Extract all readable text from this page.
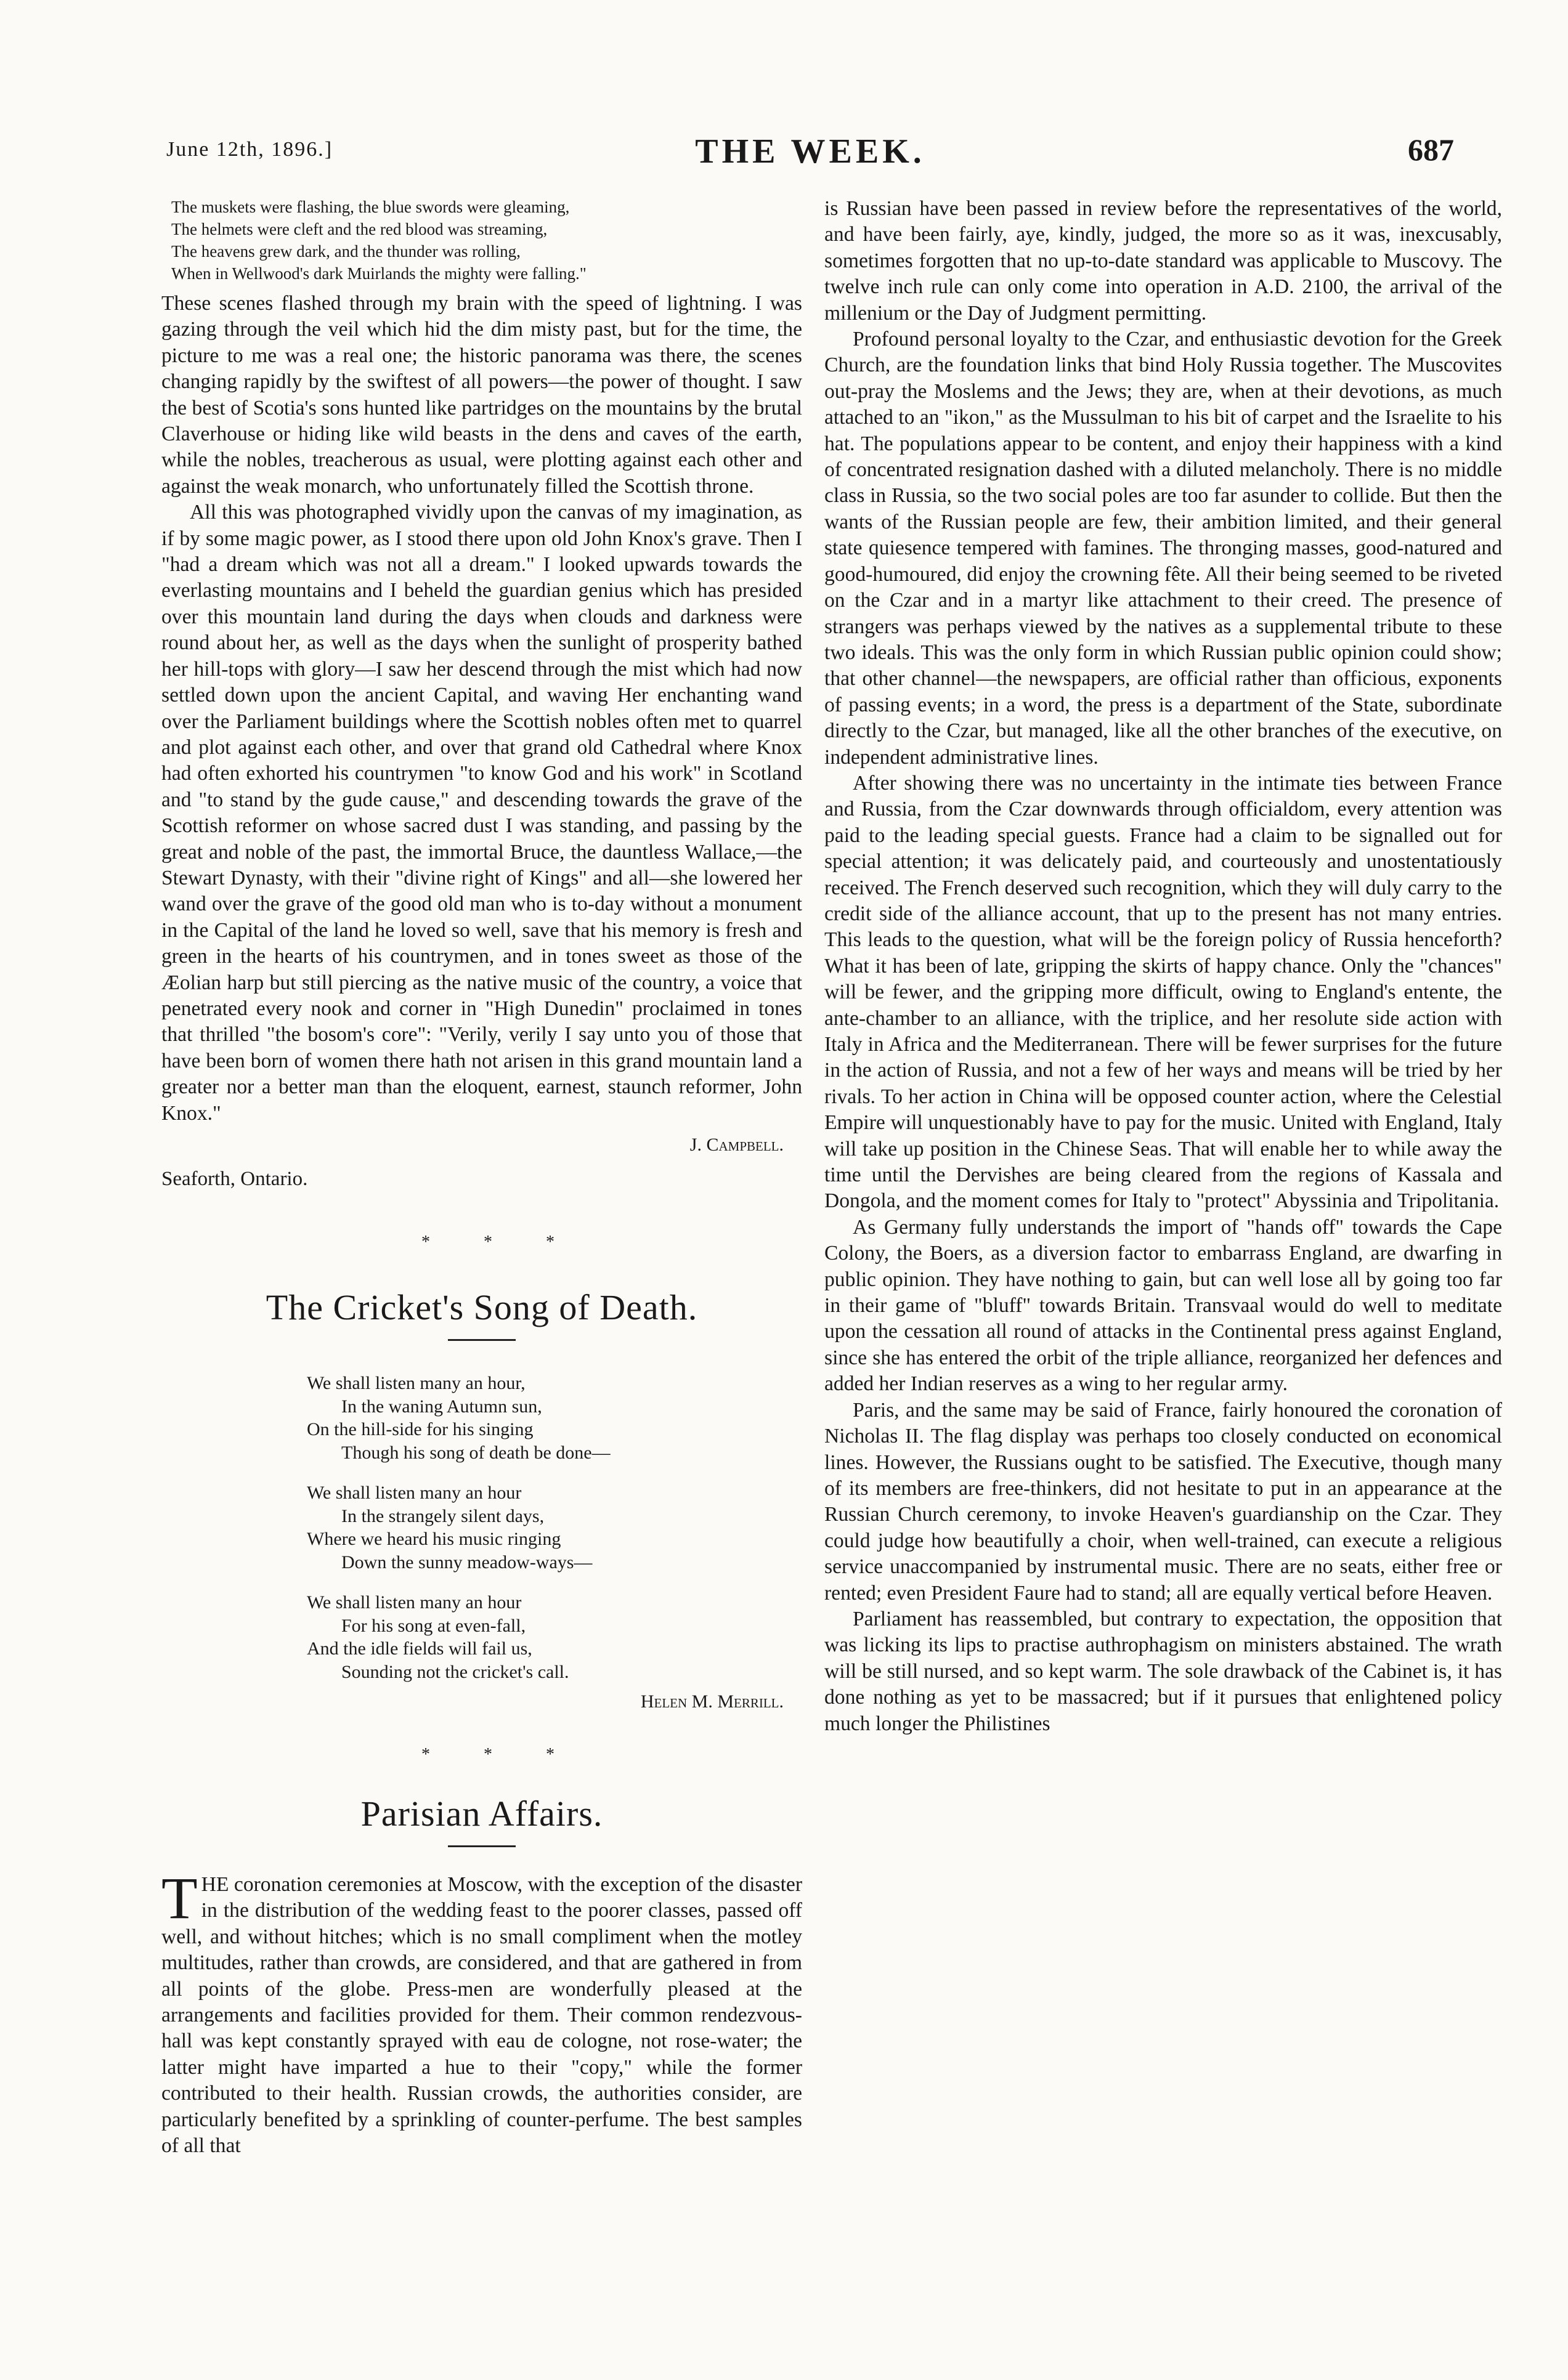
June 12th, 1896.]	THE WEEK.	687
The muskets were flashing, the blue swords were gleaming,
The helmets were cleft and the red blood was streaming,
The heavens grew dark, and the thunder was rolling,
When in Wellwood's dark Muirlands the mighty were falling."

These scenes flashed through my brain with the speed of lightning. I was gazing through the veil which hid the dim misty past, but for the time, the picture to me was a real one; the historic panorama was there, the scenes changing rapidly by the swiftest of all powers—the power of thought. I saw the best of Scotia's sons hunted like partridges on the mountains by the brutal Claverhouse or hiding like wild beasts in the dens and caves of the earth, while the nobles, treacherous as usual, were plotting against each other and against the weak monarch, who unfortunately filled the Scottish throne.

All this was photographed vividly upon the canvas of my imagination, as if by some magic power, as I stood there upon old John Knox's grave. Then I "had a dream which was not all a dream." I looked upwards towards the everlasting mountains and I beheld the guardian genius which has presided over this mountain land during the days when clouds and darkness were round about her, as well as the days when the sunlight of prosperity bathed her hill-tops with glory—I saw her descend through the mist which had now settled down upon the ancient Capital, and waving Her enchanting wand over the Parliament buildings where the Scottish nobles often met to quarrel and plot against each other, and over that grand old Cathedral where Knox had often exhorted his countrymen "to know God and his work" in Scotland and "to stand by the gude cause," and descending towards the grave of the Scottish reformer on whose sacred dust I was standing, and passing by the great and noble of the past, the immortal Bruce, the dauntless Wallace,—the Stewart Dynasty, with their "divine right of Kings" and all—she lowered her wand over the grave of the good old man who is to-day without a monument in the Capital of the land he loved so well, save that his memory is fresh and green in the hearts of his countrymen, and in tones sweet as those of the Æolian harp but still piercing as the native music of the country, a voice that penetrated every nook and corner in "High Dunedin" proclaimed in tones that thrilled "the bosom's core": "Verily, verily I say unto you of those that have been born of women there hath not arisen in this grand mountain land a greater nor a better man than the eloquent, earnest, staunch reformer, John Knox."

J. Campbell.
Seaforth, Ontario.
* * *
The Cricket's Song of Death.
We shall listen many an hour,
In the waning Autumn sun,
On the hill-side for his singing
Though his song of death be done—
We shall listen many an hour
In the strangely silent days,
Where we heard his music ringing
Down the sunny meadow-ways—
We shall listen many an hour
For his song at even-fall,
And the idle fields will fail us,
Sounding not the cricket's call.
Helen M. Merrill.
* * *
Parisian Affairs.

THE coronation ceremonies at Moscow, with the exception of the disaster in the distribution of the wedding feast to the poorer classes, passed off well, and without hitches; which is no small compliment when the motley multitudes, rather than crowds, are considered, and that are gathered in from all points of the globe. Press-men are wonderfully pleased at the arrangements and facilities provided for them. Their common rendezvous-hall was kept constantly sprayed with eau de cologne, not rose-water; the latter might have imparted a hue to their "copy," while the former contributed to their health. Russian crowds, the authorities consider, are particularly benefited by a sprinkling of counter-perfume. The best samples of all that

is Russian have been passed in review before the representatives of the world, and have been fairly, aye, kindly, judged, the more so as it was, inexcusably, sometimes forgotten that no up-to-date standard was applicable to Muscovy. The twelve inch rule can only come into operation in A.D. 2100, the arrival of the millenium or the Day of Judgment permitting.

Profound personal loyalty to the Czar, and enthusiastic devotion for the Greek Church, are the foundation links that bind Holy Russia together. The Muscovites out-pray the Moslems and the Jews; they are, when at their devotions, as much attached to an "ikon," as the Mussulman to his bit of carpet and the Israelite to his hat. The populations appear to be content, and enjoy their happiness with a kind of concentrated resignation dashed with a diluted melancholy. There is no middle class in Russia, so the two social poles are too far asunder to collide. But then the wants of the Russian people are few, their ambition limited, and their general state quiesence tempered with famines. The thronging masses, good-natured and good-humoured, did enjoy the crowning fête. All their being seemed to be riveted on the Czar and in a martyr like attachment to their creed. The presence of strangers was perhaps viewed by the natives as a supplemental tribute to these two ideals. This was the only form in which Russian public opinion could show; that other channel—the newspapers, are official rather than officious, exponents of passing events; in a word, the press is a department of the State, subordinate directly to the Czar, but managed, like all the other branches of the executive, on independent administrative lines.

After showing there was no uncertainty in the intimate ties between France and Russia, from the Czar downwards through officialdom, every attention was paid to the leading special guests. France had a claim to be signalled out for special attention; it was delicately paid, and courteously and unostentatiously received. The French deserved such recognition, which they will duly carry to the credit side of the alliance account, that up to the present has not many entries. This leads to the question, what will be the foreign policy of Russia henceforth? What it has been of late, gripping the skirts of happy chance. Only the "chances" will be fewer, and the gripping more difficult, owing to England's entente, the ante-chamber to an alliance, with the triplice, and her resolute side action with Italy in Africa and the Mediterranean. There will be fewer surprises for the future in the action of Russia, and not a few of her ways and means will be tried by her rivals. To her action in China will be opposed counter action, where the Celestial Empire will unquestionably have to pay for the music. United with England, Italy will take up position in the Chinese Seas. That will enable her to while away the time until the Dervishes are being cleared from the regions of Kassala and Dongola, and the moment comes for Italy to "protect" Abyssinia and Tripolitania.

As Germany fully understands the import of "hands off" towards the Cape Colony, the Boers, as a diversion factor to embarrass England, are dwarfing in public opinion. They have nothing to gain, but can well lose all by going too far in their game of "bluff" towards Britain. Transvaal would do well to meditate upon the cessation all round of attacks in the Continental press against England, since she has entered the orbit of the triple alliance, reorganized her defences and added her Indian reserves as a wing to her regular army.

Paris, and the same may be said of France, fairly honoured the coronation of Nicholas II. The flag display was perhaps too closely conducted on economical lines. However, the Russians ought to be satisfied. The Executive, though many of its members are free-thinkers, did not hesitate to put in an appearance at the Russian Church ceremony, to invoke Heaven's guardianship on the Czar. They could judge how beautifully a choir, when well-trained, can execute a religious service unaccompanied by instrumental music. There are no seats, either free or rented; even President Faure had to stand; all are equally vertical before Heaven.

Parliament has reassembled, but contrary to expectation, the opposition that was licking its lips to practise authrophagism on ministers abstained. The wrath will be still nursed, and so kept warm. The sole drawback of the Cabinet is, it has done nothing as yet to be massacred; but if it pursues that enlightened policy much longer the Philistines
